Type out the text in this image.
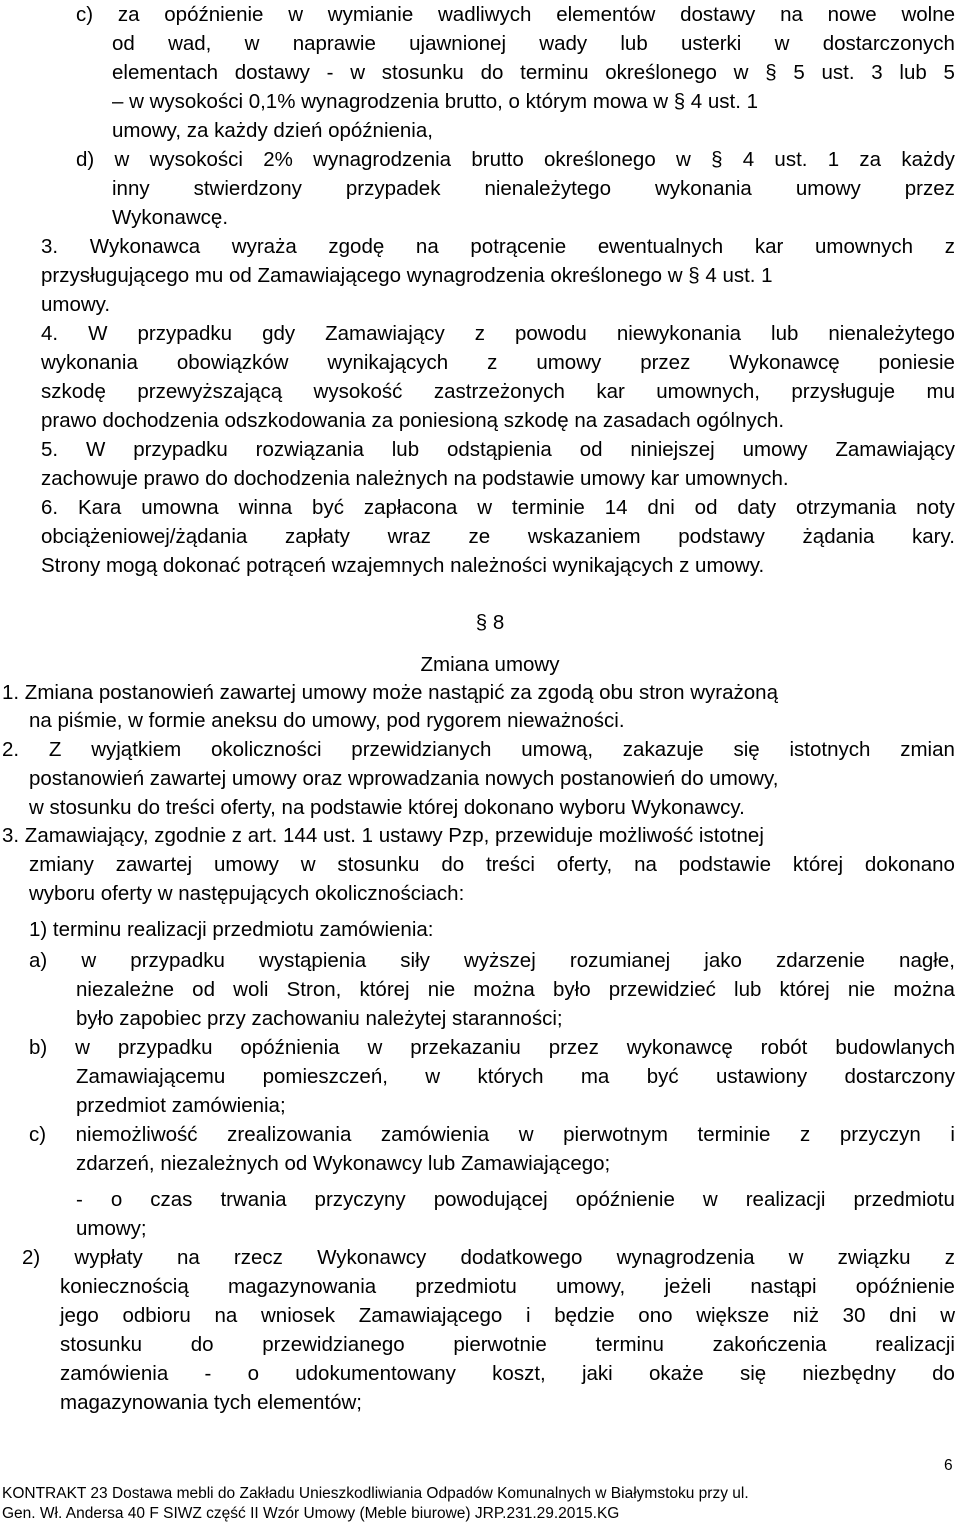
c) za opóźnienie w wymianie wadliwych elementów dostawy na nowe wolne
od wad, w naprawie ujawnionej wady lub usterki w dostarczonych
elementach dostawy - w stosunku do terminu określonego w § 5 ust. 3 lub 5
– w wysokości 0,1% wynagrodzenia brutto, o którym mowa w § 4 ust. 1
umowy, za każdy dzień opóźnienia,
d) w wysokości 2% wynagrodzenia brutto określonego w § 4 ust. 1 za każdy
inny stwierdzony przypadek nienależytego wykonania umowy przez
Wykonawcę.
3. Wykonawca wyraża zgodę na potrącenie ewentualnych kar umownych z
przysługującego mu od Zamawiającego wynagrodzenia określonego w § 4 ust. 1
umowy.
4. W przypadku gdy Zamawiający z powodu niewykonania lub nienależytego
wykonania obowiązków wynikających z umowy przez Wykonawcę poniesie
szkodę przewyższającą wysokość zastrzeżonych kar umownych, przysługuje mu
prawo dochodzenia odszkodowania za poniesioną szkodę na zasadach ogólnych.
5. W przypadku rozwiązania lub odstąpienia od niniejszej umowy Zamawiający
zachowuje prawo do dochodzenia należnych na podstawie umowy kar umownych.
6. Kara umowna winna być zapłacona w terminie 14 dni od daty otrzymania noty
obciążeniowej/żądania zapłaty wraz ze wskazaniem podstawy żądania kary.
Strony mogą dokonać potrąceń wzajemnych należności wynikających z umowy.
§ 8
Zmiana umowy
1. Zmiana postanowień zawartej umowy może nastąpić za zgodą obu stron wyrażoną
na piśmie, w formie aneksu do umowy, pod rygorem nieważności.
2. Z wyjątkiem okoliczności przewidzianych umową, zakazuje się istotnych zmian
postanowień zawartej umowy oraz wprowadzania nowych postanowień do umowy,
w stosunku do treści oferty, na podstawie której dokonano wyboru Wykonawcy.
3. Zamawiający, zgodnie z art. 144 ust. 1 ustawy Pzp, przewiduje możliwość istotnej
zmiany zawartej umowy w stosunku do treści oferty, na podstawie której dokonano
wyboru oferty w następujących okolicznościach:
1) terminu realizacji przedmiotu zamówienia:
a) w przypadku wystąpienia siły wyższej rozumianej jako zdarzenie nagłe,
niezależne od woli Stron, której nie można było przewidzieć lub której nie można
było zapobiec przy zachowaniu należytej staranności;
b) w przypadku opóźnienia w przekazaniu przez wykonawcę robót budowlanych
Zamawiającemu pomieszczeń, w których ma być ustawiony dostarczony
przedmiot zamówienia;
c) niemożliwość zrealizowania zamówienia w pierwotnym terminie z przyczyn i
zdarzeń, niezależnych od Wykonawcy lub Zamawiającego;
- o czas trwania przyczyny powodującej opóźnienie w realizacji przedmiotu
umowy;
2) wypłaty na rzecz Wykonawcy dodatkowego wynagrodzenia w związku z
koniecznością magazynowania przedmiotu umowy, jeżeli nastąpi opóźnienie
jego odbioru na wniosek Zamawiającego i będzie ono większe niż 30 dni w
stosunku do przewidzianego pierwotnie terminu zakończenia realizacji
zamówienia - o udokumentowany koszt, jaki okaże się niezbędny do
magazynowania tych elementów;
6
KONTRAKT 23 Dostawa mebli do Zakładu Unieszkodliwiania Odpadów Komunalnych w Białymstoku przy ul.
Gen. Wł. Andersa 40 F SIWZ część II Wzór Umowy (Meble biurowe) JRP.231.29.2015.KG
